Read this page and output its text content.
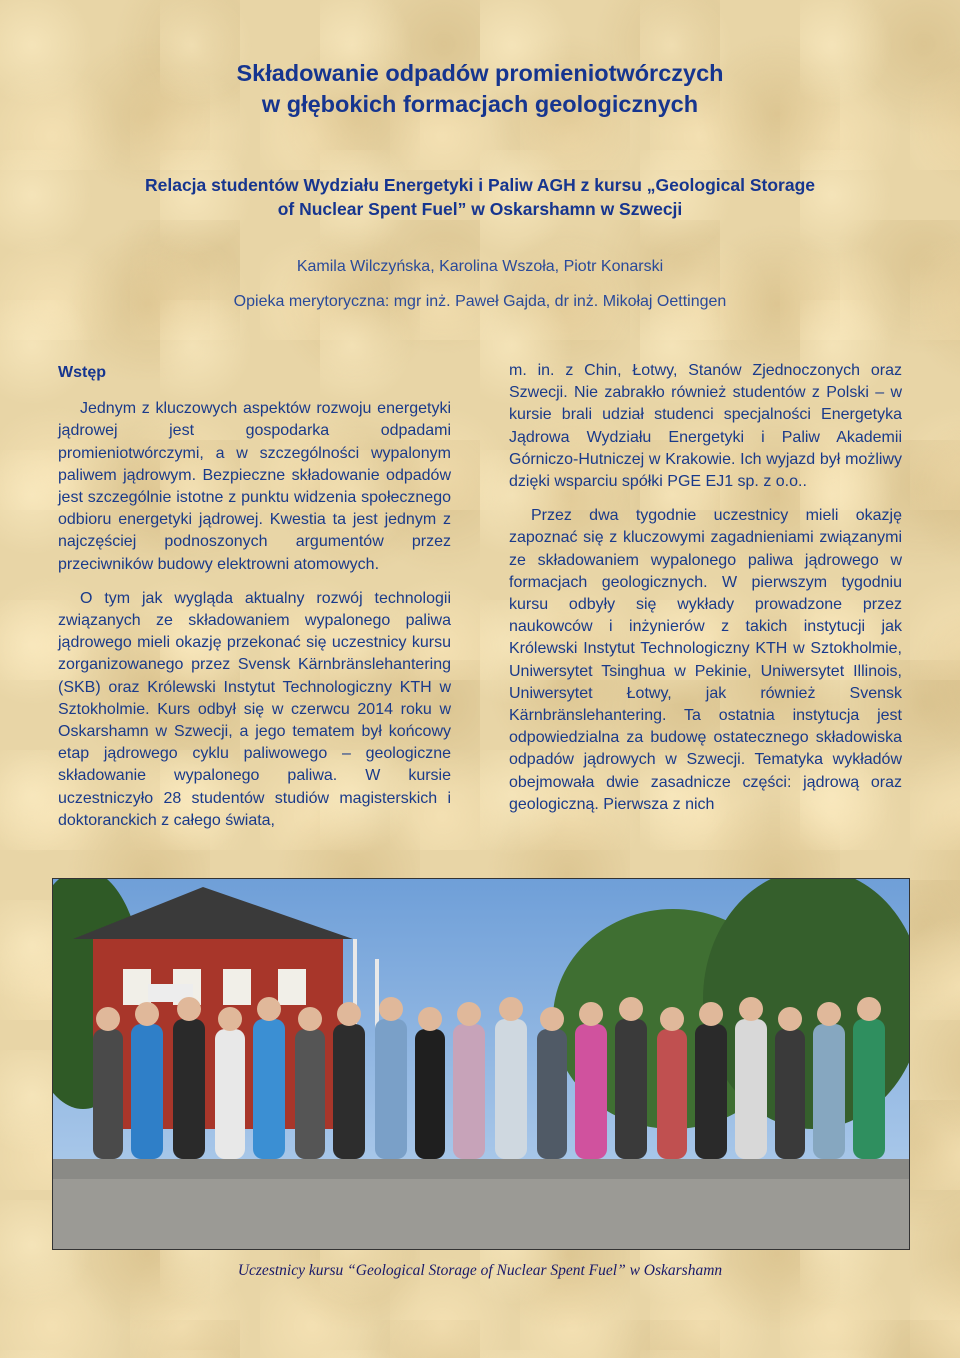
Składowanie odpadów promieniotwórczych
w głębokich formacjach geologicznych
Relacja studentów Wydziału Energetyki i Paliw AGH z kursu „Geological Storage
of Nuclear Spent Fuel” w Oskarshamn w Szwecji
Kamila Wilczyńska, Karolina Wszoła, Piotr Konarski
Opieka merytoryczna: mgr inż. Paweł Gajda, dr inż. Mikołaj Oettingen
Wstęp

Jednym z kluczowych aspektów rozwoju energetyki jądrowej jest gospodarka odpadami promieniotwórczymi, a w szczególności wypalonym paliwem jądrowym. Bezpieczne składowanie odpadów jest szczególnie istotne z punktu widzenia społecznego odbioru energetyki jądrowej. Kwestia ta jest jednym z najczęściej podnoszonych argumentów przez przeciwników budowy elektrowni atomowych.

O tym jak wygląda aktualny rozwój technologii związanych ze składowaniem wypalonego paliwa jądrowego mieli okazję przekonać się uczestnicy kursu zorganizowanego przez Svensk Kärnbränslehantering (SKB) oraz Królewski Instytut Technologiczny KTH w Sztokholmie. Kurs odbył się w czerwcu 2014 roku w Oskarshamn w Szwecji, a jego tematem był końcowy etap jądrowego cyklu paliwowego – geologiczne składowanie wypalonego paliwa. W kursie uczestniczyło 28 studentów studiów magisterskich i doktoranckich z całego świata,

m. in. z Chin, Łotwy, Stanów Zjednoczonych oraz Szwecji. Nie zabrakło również studentów z Polski – w kursie brali udział studenci specjalności Energetyka Jądrowa Wydziału Energetyki i Paliw Akademii Górniczo-Hutniczej w Krakowie. Ich wyjazd był możliwy dzięki wsparciu spółki PGE EJ1 sp. z o.o..

Przez dwa tygodnie uczestnicy mieli okazję zapoznać się z kluczowymi zagadnieniami związanymi ze składowaniem wypalonego paliwa jądrowego w formacjach geologicznych. W pierwszym tygodniu kursu odbyły się wykłady prowadzone przez naukowców i inżynierów z takich instytucji jak Królewski Instytut Technologiczny KTH w Sztokholmie, Uniwersytet Tsinghua w Pekinie, Uniwersytet Illinois, Uniwersytet Łotwy, jak również Svensk Kärnbränslehantering. Ta ostatnia instytucja jest odpowiedzialna za budowę ostatecznego składowiska odpadów jądrowych w Szwecji. Tematyka wykładów obejmowała dwie zasadnicze części: jądrową oraz geologiczną. Pierwsza z nich

Uczestnicy kursu “Geological Storage of Nuclear Spent Fuel” w Oskarshamn
